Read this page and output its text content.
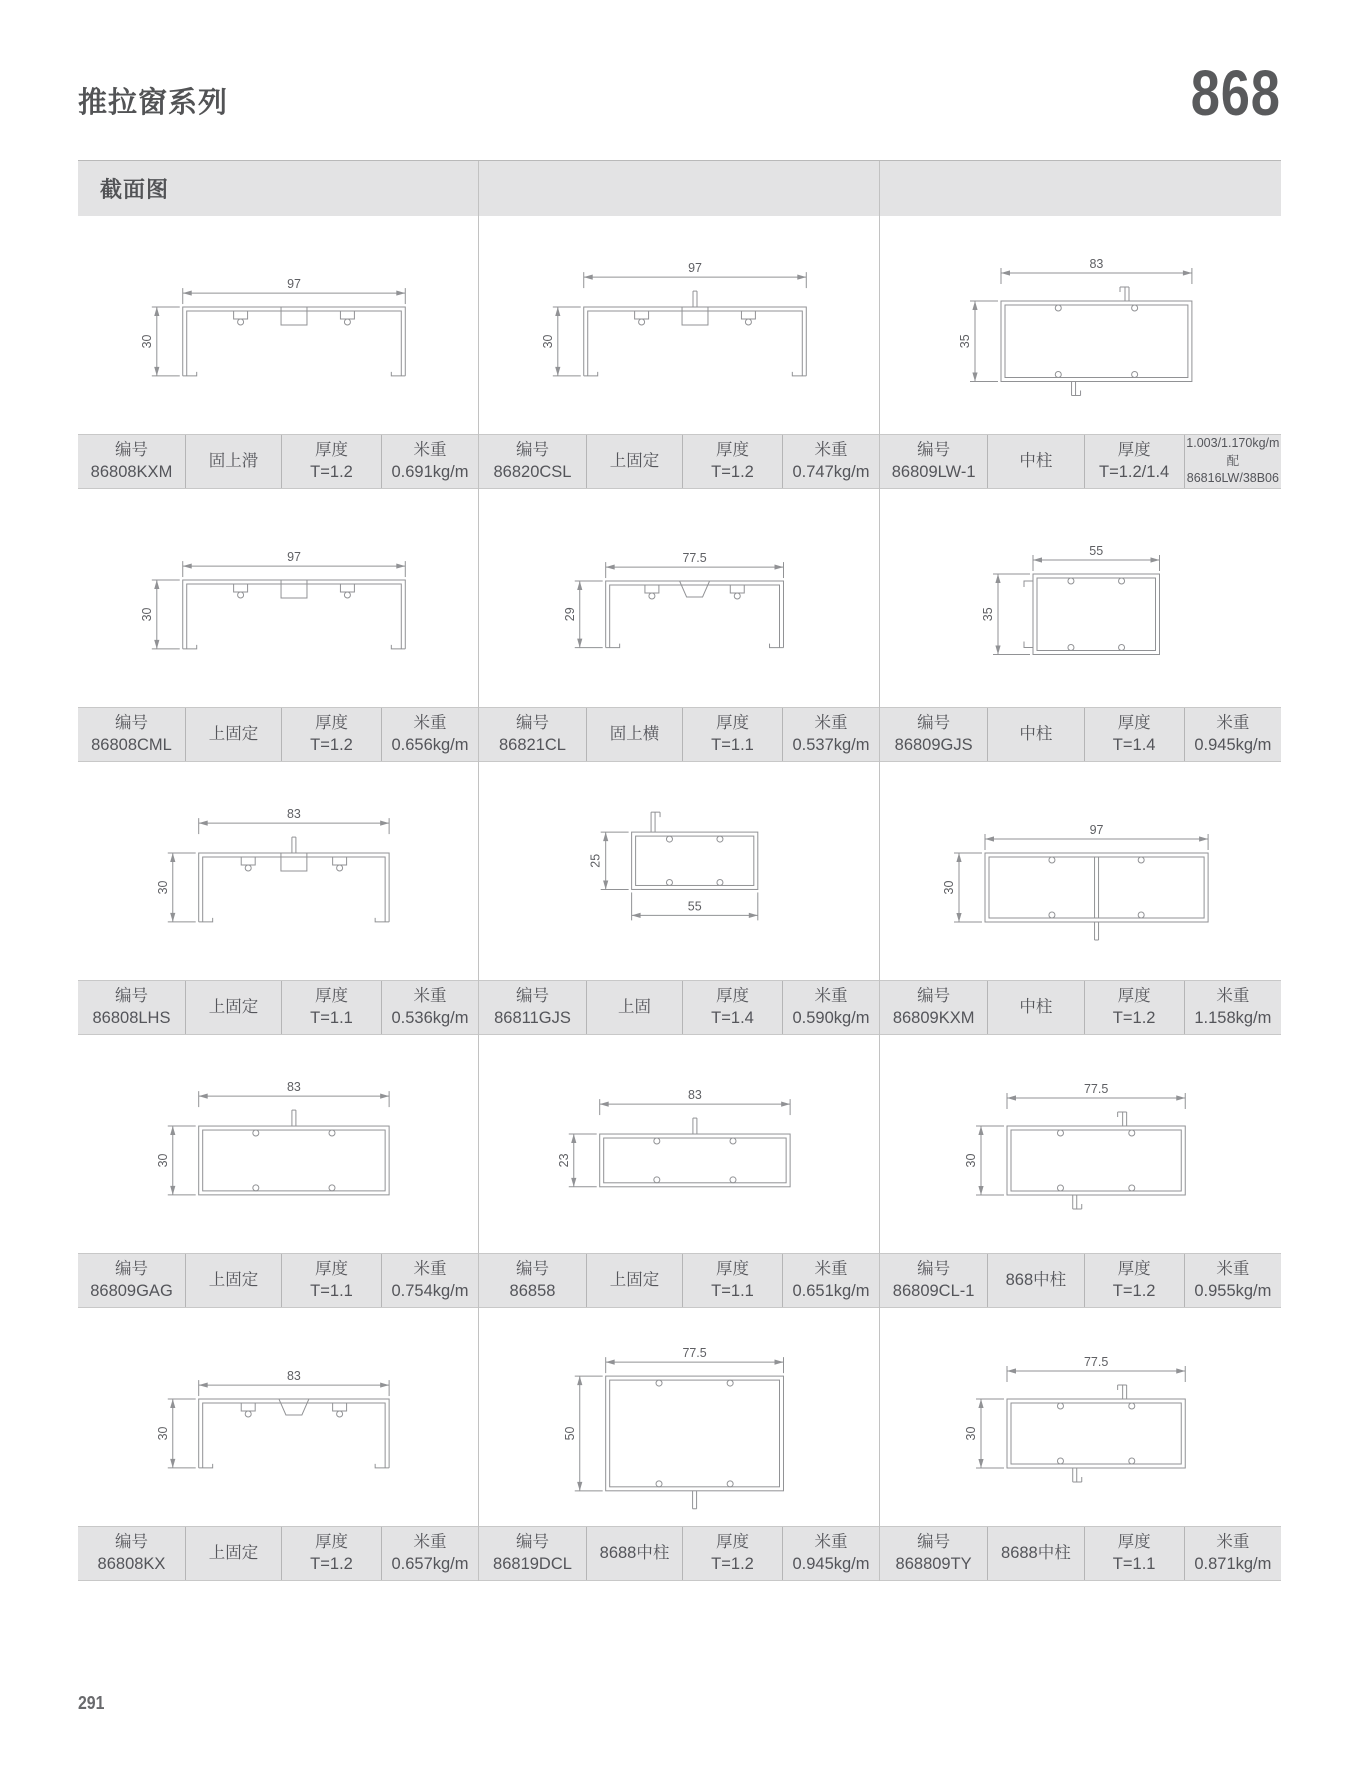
推拉窗系列	868
截面图
97
30
编号
86808KXM
固上滑
厚度
T=1.2
米重
0.691kg/m
97
30
编号
86820CSL
上固定
厚度
T=1.2
米重
0.747kg/m
83
35
编号
86809LW-1
中柱
厚度
T=1.2/1.4
1.003/1.170kg/m
配86816LW/38B06
97
30
编号
86808CML
上固定
厚度
T=1.2
米重
0.656kg/m
77.5
29
编号
86821CL
固上横
厚度
T=1.1
米重
0.537kg/m
55
35
编号
86809GJS
中柱
厚度
T=1.4
米重
0.945kg/m
83
30
编号
86808LHS
上固定
厚度
T=1.1
米重
0.536kg/m
55
25
编号
86811GJS
上固
厚度
T=1.4
米重
0.590kg/m
97
30
编号
86809KXM
中柱
厚度
T=1.2
米重
1.158kg/m
83
30
编号
86809GAG
上固定
厚度
T=1.1
米重
0.754kg/m
83
23
编号
86858
上固定
厚度
T=1.1
米重
0.651kg/m
77.5
30
编号
86809CL-1
868中柱
厚度
T=1.2
米重
0.955kg/m
83
30
编号
86808KX
上固定
厚度
T=1.2
米重
0.657kg/m
77.5
50
编号
86819DCL
8688中柱
厚度
T=1.2
米重
0.945kg/m
77.5
30
编号
868809TY
8688中柱
厚度
T=1.1
米重
0.871kg/m
291
